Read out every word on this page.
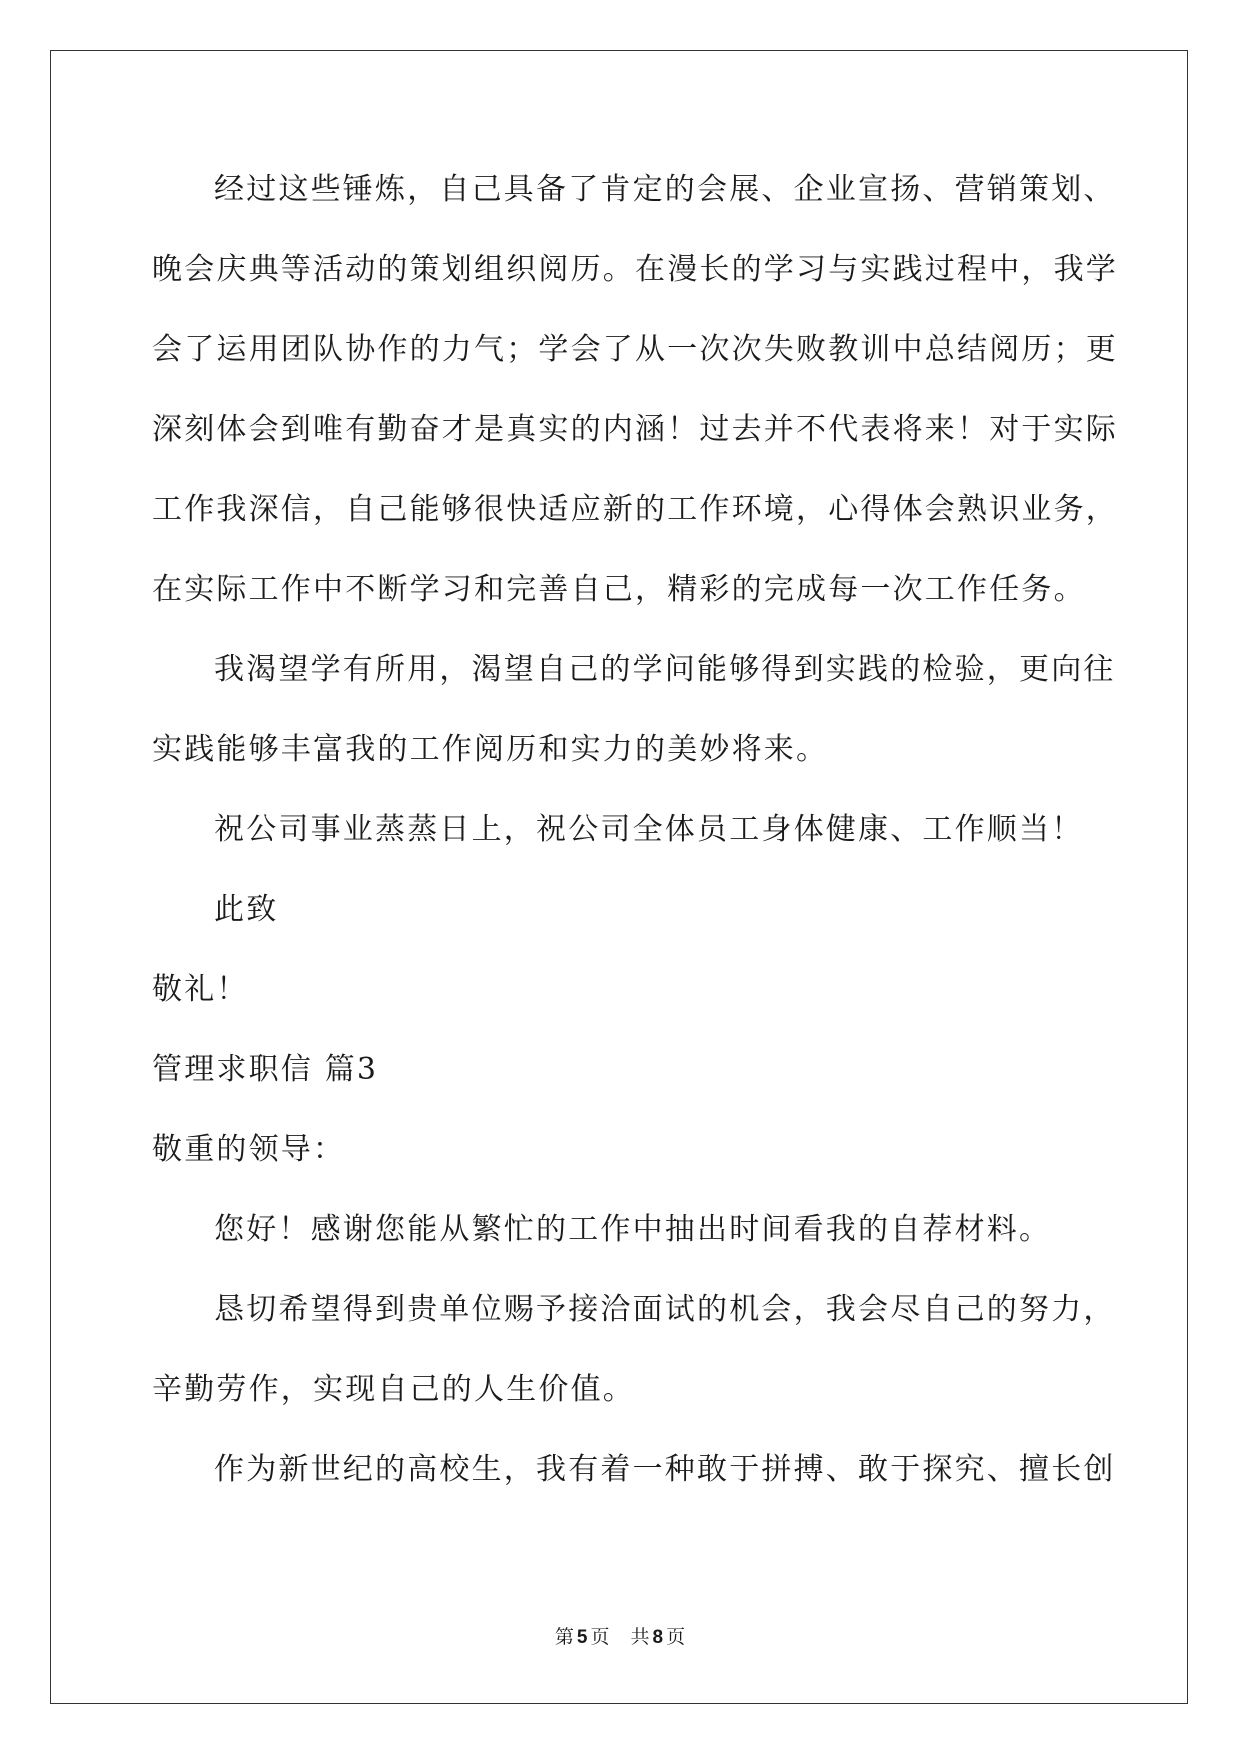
经过这些锤炼，自己具备了肯定的会展、企业宣扬、营销策划、
晚会庆典等活动的策划组织阅历。在漫长的学习与实践过程中，我学
会了运用团队协作的力气；学会了从一次次失败教训中总结阅历；更
深刻体会到唯有勤奋才是真实的内涵！过去并不代表将来！对于实际
工作我深信，自己能够很快适应新的工作环境，心得体会熟识业务，
在实际工作中不断学习和完善自己，精彩的完成每一次工作任务。
我渴望学有所用，渴望自己的学问能够得到实践的检验，更向往
实践能够丰富我的工作阅历和实力的美妙将来。
祝公司事业蒸蒸日上，祝公司全体员工身体健康、工作顺当！
此致
敬礼！
管理求职信 篇3
敬重的领导：
您好！感谢您能从繁忙的工作中抽出时间看我的自荐材料。
恳切希望得到贵单位赐予接洽面试的机会，我会尽自己的努力，
辛勤劳作，实现自己的人生价值。
作为新世纪的高校生，我有着一种敢于拼搏、敢于探究、擅长创
第 5 页 共 8 页
